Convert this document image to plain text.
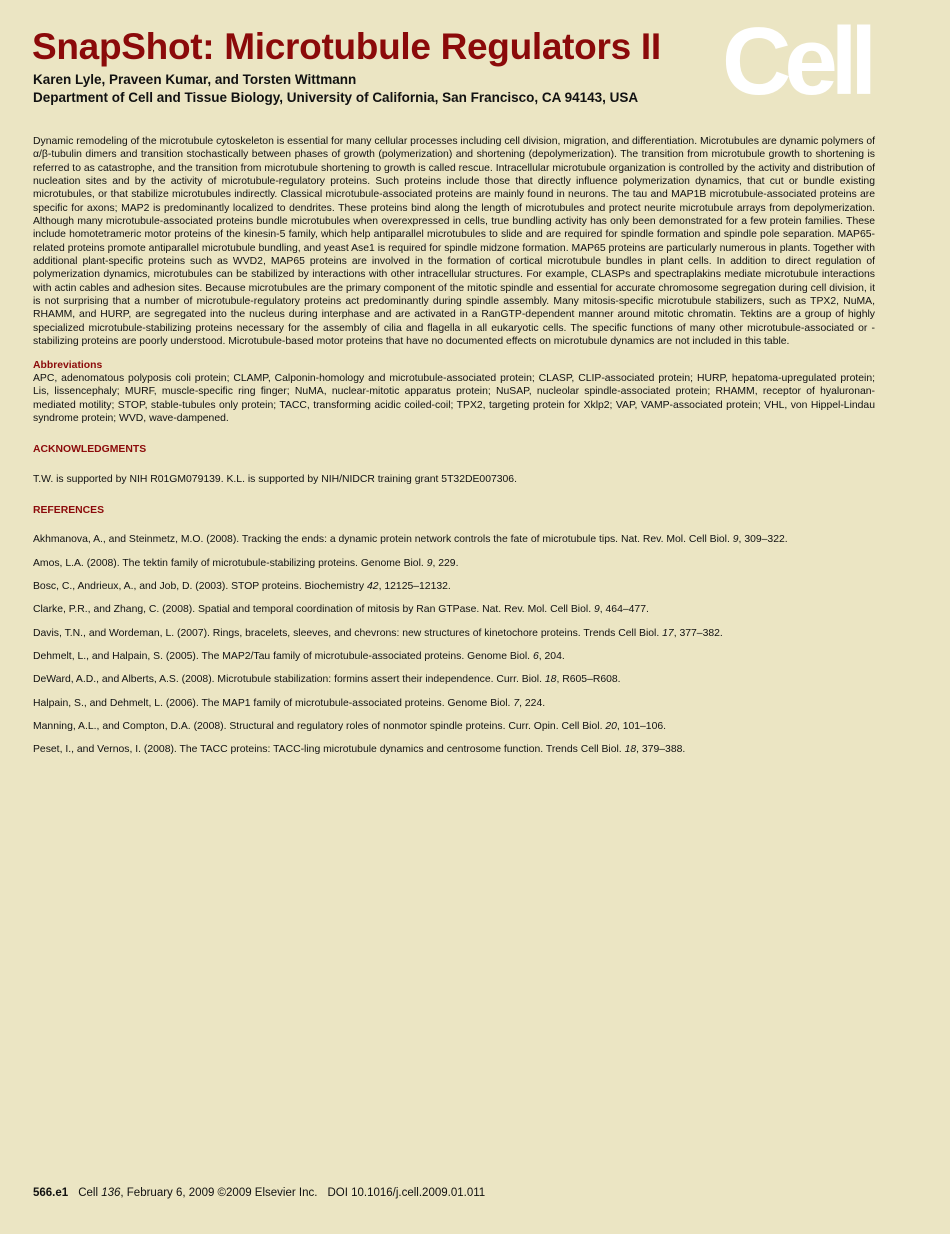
SnapShot: Microtubule Regulators II

Karen Lyle, Praveen Kumar, and Torsten Wittmann

Department of Cell and Tissue Biology, University of California, San Francisco, CA 94143, USA Cell

Dynamic remodeling of the microtubule cytoskeleton is essential for many cellular processes including cell division, migration, and differentiation. Microtubules are dynamic polymers of α/β-tubulin dimers and transition stochastically between phases of growth (polymerization) and shortening (depolymerization). The transition from microtubule growth to shortening is referred to as catastrophe, and the transition from microtubule shortening to growth is called rescue. Intracellular microtubule organization is controlled by the activity and distribution of nucleation sites and by the activity of microtubule-regulatory proteins. Such proteins include those that directly influence polymerization dynamics, that cut or bundle existing microtubules, or that stabilize microtubules indirectly. Classical microtubule-associated proteins are mainly found in neurons. The tau and MAP1B microtubule-associated proteins are specific for axons; MAP2 is predominantly localized to dendrites. These proteins bind along the length of microtubules and protect neurite microtubule arrays from depolymerization. Although many microtubule-associated proteins bundle microtubules when overexpressed in cells, true bundling activity has only been demonstrated for a few protein families. These include homotetrameric motor proteins of the kinesin-5 family, which help antiparallel microtubules to slide and are required for spindle formation and spindle pole separation. MAP65-related proteins promote antiparallel microtubule bundling, and yeast Ase1 is required for spindle midzone formation. MAP65 proteins are particularly numerous in plants. Together with additional plant-specific proteins such as WVD2, MAP65 proteins are involved in the formation of cortical microtubule bundles in plant cells. In addition to direct regulation of polymerization dynamics, microtubules can be stabilized by interactions with other intracellular structures. For example, CLASPs and spectraplakins mediate microtubule interactions with actin cables and adhesion sites. Because microtubules are the primary component of the mitotic spindle and essential for accurate chromosome segregation during cell division, it is not surprising that a number of microtubule-regulatory proteins act predominantly during spindle assembly. Many mitosis-specific microtubule stabilizers, such as TPX2, NuMA, RHAMM, and HURP, are segregated into the nucleus during interphase and are activated in a RanGTP-dependent manner around mitotic chromatin. Tektins are a group of highly specialized microtubule-stabilizing proteins necessary for the assembly of cilia and flagella in all eukaryotic cells. The specific functions of many other microtubule-associated or -stabilizing proteins are poorly understood. Microtubule-based motor proteins that have no documented effects on microtubule dynamics are not included in this table.

Abbreviations

APC, adenomatous polyposis coli protein; CLAMP, Calponin-homology and microtubule-associated protein; CLASP, CLIP-associated protein; HURP, hepatoma-upregulated protein; Lis, lissencephaly; MURF, muscle-specific ring finger; NuMA, nuclear-mitotic apparatus protein; NuSAP, nucleolar spindle-associated protein; RHAMM, receptor of hyaluronan-mediated motility; STOP, stable-tubules only protein; TACC, transforming acidic coiled-coil; TPX2, targeting protein for Xklp2; VAP, VAMP-associated protein; VHL, von Hippel-Lindau syndrome protein; WVD, wave-dampened.

ACKNOWLEDGMENTS

T.W. is supported by NIH R01GM079139. K.L. is supported by NIH/NIDCR training grant 5T32DE007306.

REFERENCES
Akhmanova, A., and Steinmetz, M.O. (2008). Tracking the ends: a dynamic protein network controls the fate of microtubule tips. Nat. Rev. Mol. Cell Biol. 9, 309–322.
Amos, L.A. (2008). The tektin family of microtubule-stabilizing proteins. Genome Biol. 9, 229.
Bosc, C., Andrieux, A., and Job, D. (2003). STOP proteins. Biochemistry 42, 12125–12132.
Clarke, P.R., and Zhang, C. (2008). Spatial and temporal coordination of mitosis by Ran GTPase. Nat. Rev. Mol. Cell Biol. 9, 464–477.
Davis, T.N., and Wordeman, L. (2007). Rings, bracelets, sleeves, and chevrons: new structures of kinetochore proteins. Trends Cell Biol. 17, 377–382.
Dehmelt, L., and Halpain, S. (2005). The MAP2/Tau family of microtubule-associated proteins. Genome Biol. 6, 204.
DeWard, A.D., and Alberts, A.S. (2008). Microtubule stabilization: formins assert their independence. Curr. Biol. 18, R605–R608.
Halpain, S., and Dehmelt, L. (2006). The MAP1 family of microtubule-associated proteins. Genome Biol. 7, 224.
Manning, A.L., and Compton, D.A. (2008). Structural and regulatory roles of nonmotor spindle proteins. Curr. Opin. Cell Biol. 20, 101–106.
Peset, I., and Vernos, I. (2008). The TACC proteins: TACC-ling microtubule dynamics and centrosome function. Trends Cell Biol. 18, 379–388.
566.e1 Cell 136, February 6, 2009 ©2009 Elsevier Inc. DOI 10.1016/j.cell.2009.01.011
